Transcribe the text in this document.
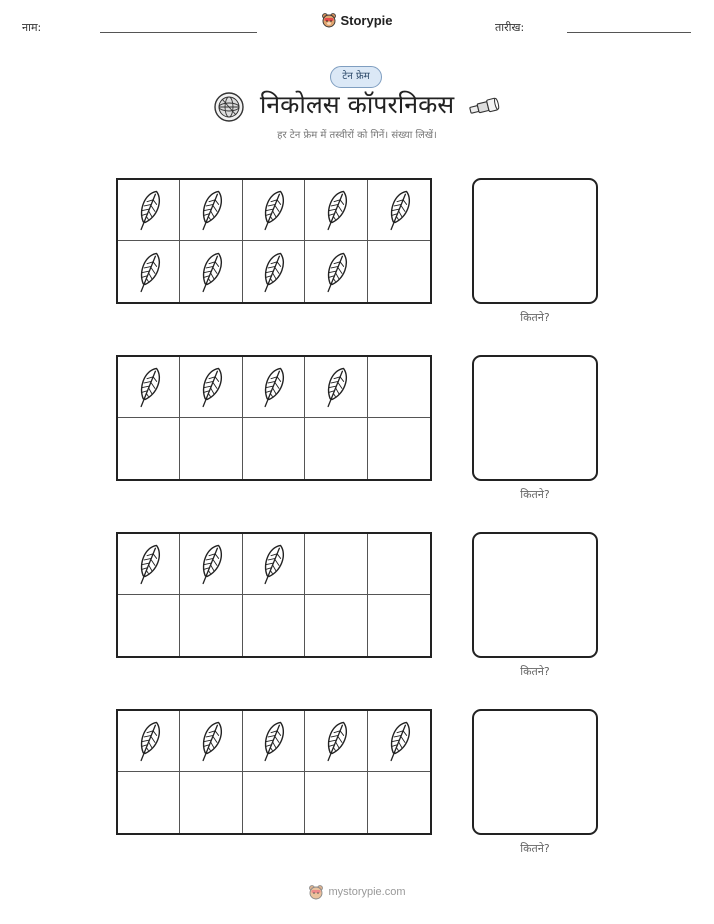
नाम:	Storypie	तारीख:
टेन फ्रेम
निकोलस कॉपरनिकस
हर टेन फ्रेम में तस्वीरों को गिनें। संख्या लिखें।
कितने?
कितने?
कितने?
कितने?
mystorypie.com
